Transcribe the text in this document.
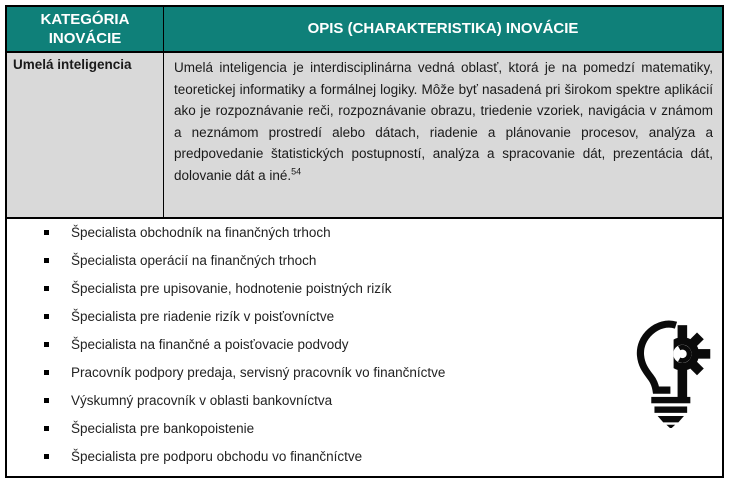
KATEGÓRIA INOVÁCIE
OPIS (CHARAKTERISTIKA) INOVÁCIE
Umelá inteligencia	Umelá inteligencia je interdisciplinárna vedná oblasť, ktorá je na pomedzí matematiky, teoretickej informatiky a formálnej logiky. Môže byť nasadená pri širokom spektre aplikácií ako je rozpoznávanie reči, rozpoznávanie obrazu, triedenie vzoriek, navigácia v známom a neznámom prostredí alebo dátach, riadenie a plánovanie procesov, analýza a predpovedanie štatistických postupností, analýza a spracovanie dát, prezentácia dát, dolovanie dát a iné.$^{54}$

Špecialista obchodník na finančných trhoch
Špecialista operácií na finančných trhoch
Špecialista pre upisovanie, hodnotenie poistných rizík
Špecialista pre riadenie rizík v poisťovníctve
Špecialista na finančné a poisťovacie podvody
Pracovník podpory predaja, servisný pracovník vo finančníctve
Výskumný pracovník v oblasti bankovníctva
Špecialista pre bankopoistenie
Špecialista pre podporu obchodu vo finančníctve
